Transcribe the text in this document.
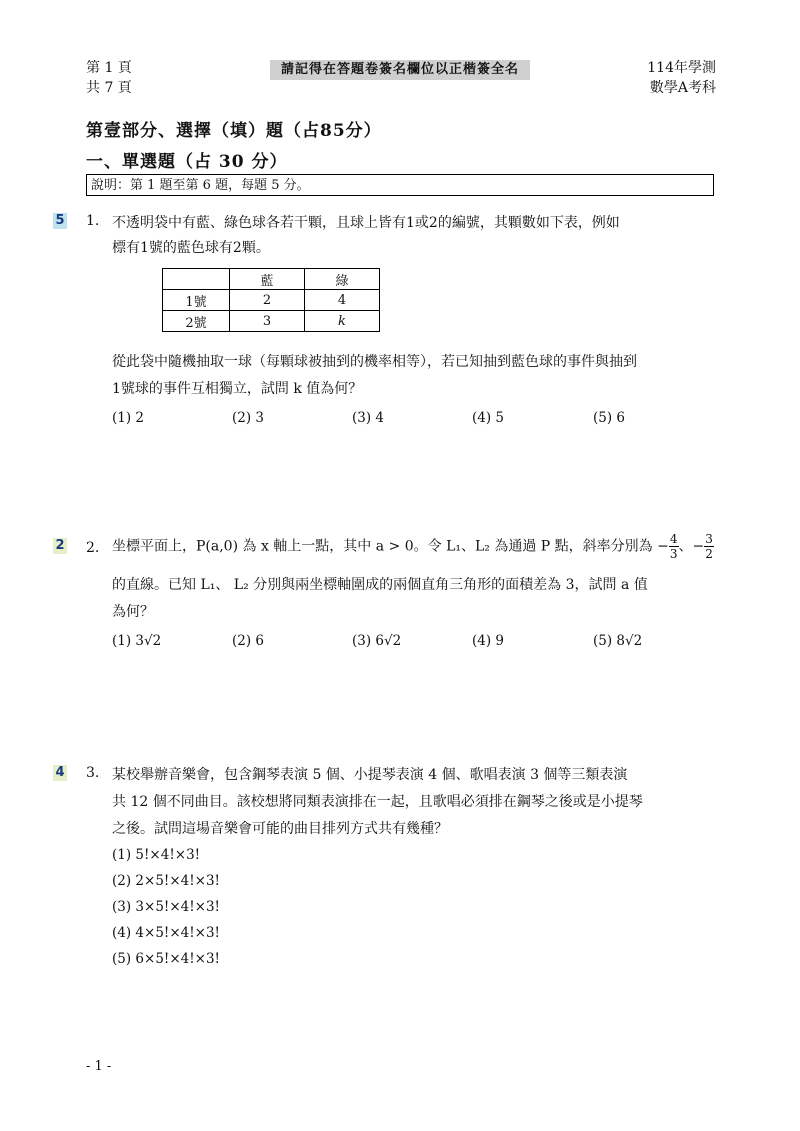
第 1 頁
共 7 頁
請記得在答題卷簽名欄位以正楷簽全名	114年學測
數學A考科
第壹部分、選擇（填）題（占85分）
一、單選題（占 30 分）
說明：第 1 題至第 6 題，每題 5 分。
5 1. 不透明袋中有藍、綠色球各若干顆，且球上皆有1或2的編號，其顆數如下表，例如
標有1號的藍色球有2顆。
	藍	綠
1號	2	4
2號	3	k
從此袋中隨機抽取一球（每顆球被抽到的機率相等），若已知抽到藍色球的事件與抽到
1號球的事件互相獨立，試問 k 值為何？
(1) 2	(2) 3	(3) 4	(4) 5	(5) 6
2 2. 坐標平面上，P(a,0) 為 x 軸上一點，其中 a > 0。令 L₁、L₂ 為通過 P 點，斜率分別為 − $\frac{4}{3}$ 、− $\frac{3}{2}$
的直線。已知 L₁、 L₂ 分別與兩坐標軸圍成的兩個直角三角形的面積差為 3，試問 a 值
為何？
(1) 3√2	(2) 6	(3) 6√2	(4) 9	(5) 8√2
4 3. 某校舉辦音樂會，包含鋼琴表演 5 個、小提琴表演 4 個、歌唱表演 3 個等三類表演
共 12 個不同曲目。該校想將同類表演排在一起，且歌唱必須排在鋼琴之後或是小提琴
之後。試問這場音樂會可能的曲目排列方式共有幾種？
(1) 5!×4!×3!
(2) 2×5!×4!×3!
(3) 3×5!×4!×3!
(4) 4×5!×4!×3!
(5) 6×5!×4!×3!
- 1 -
